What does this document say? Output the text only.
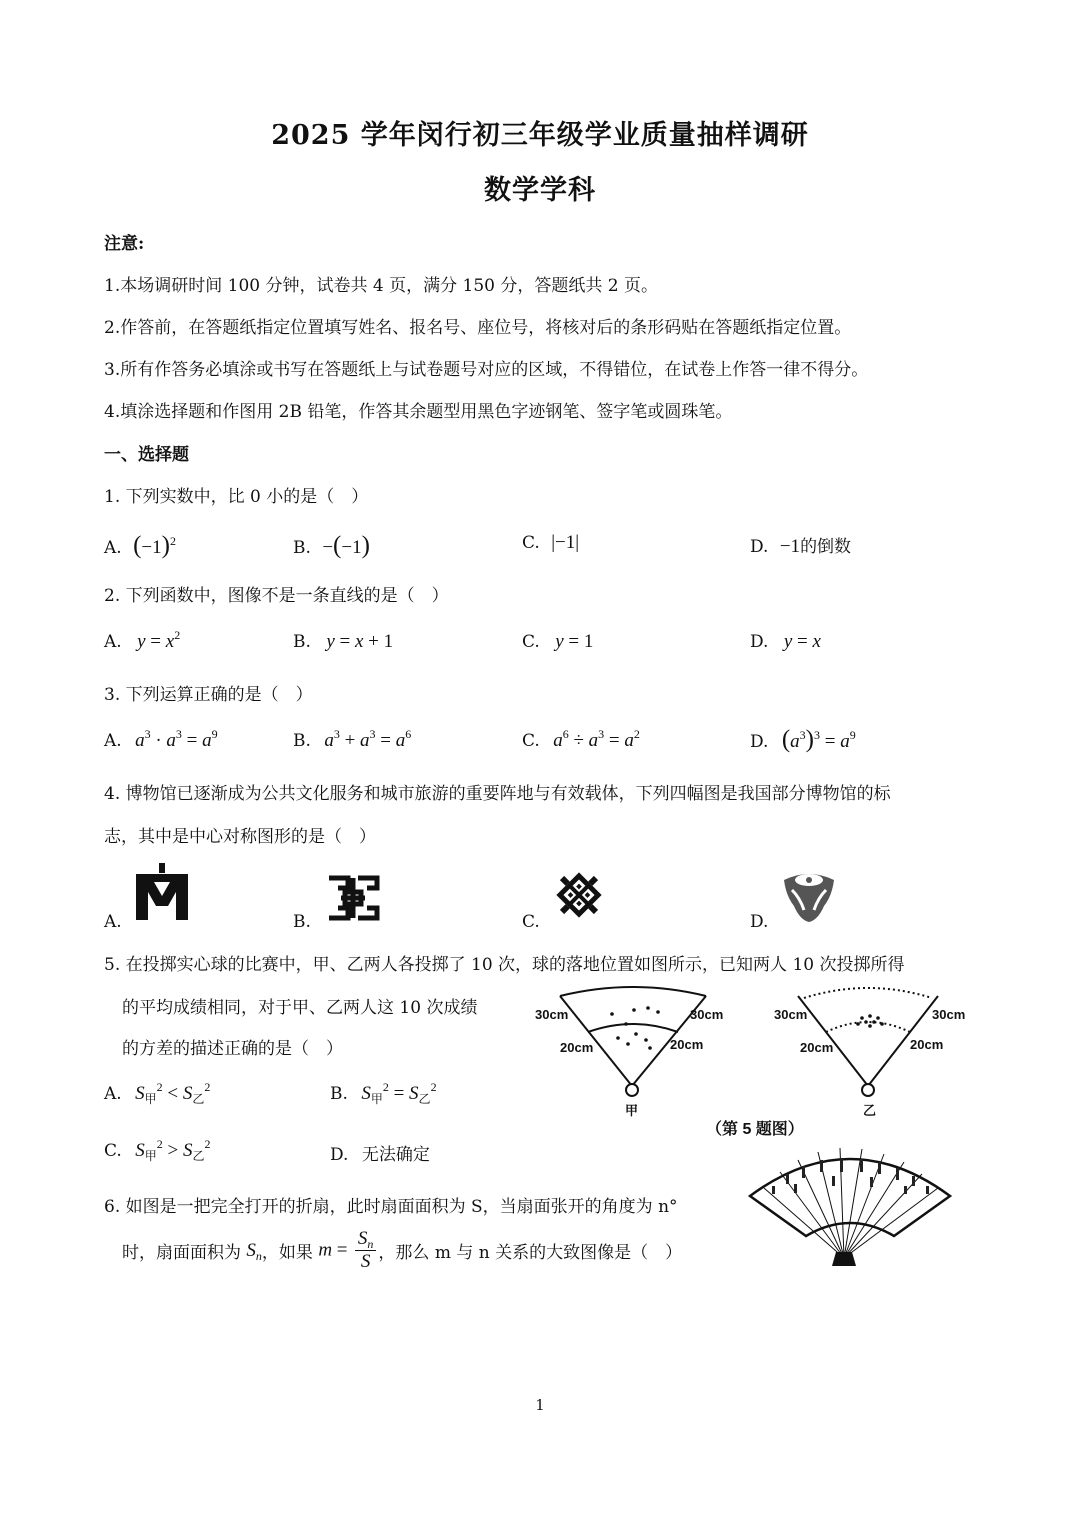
2025 学年闵行初三年级学业质量抽样调研
数学学科
注意:
1.本场调研时间 100 分钟，试卷共 4 页，满分 150 分，答题纸共 2 页。
2.作答前，在答题纸指定位置填写姓名、报名号、座位号，将核对后的条形码贴在答题纸指定位置。
3.所有作答务必填涂或书写在答题纸上与试卷题号对应的区域，不得错位，在试卷上作答一律不得分。
4.填涂选择题和作图用 2B 铅笔，作答其余题型用黑色字迹钢笔、签字笔或圆珠笔。
一、选择题
1. 下列实数中，比 0 小的是（　）
A. $(-1)^2$	B. −(−1)	C. |−1|	D. −1的倒数
2. 下列函数中，图像不是一条直线的是（　）
A. $y = x^2$	B. y = x + 1	C. y = 1	D. y = x
3. 下列运算正确的是（　）
A. $a^3 \cdot a^3 = a^9$	B. $a^3 + a^3 = a^6$	C. $a^6 \div a^3 = a^2$	D. $(a^3)^3 = a^9$
4. 博物馆已逐渐成为公共文化服务和城市旅游的重要阵地与有效载体，下列四幅图是我国部分博物馆的标
志，其中是中心对称图形的是（　）
A.	B.	C.	D.
5. 在投掷实心球的比赛中，甲、乙两人各投掷了 10 次，球的落地位置如图所示，已知两人 10 次投掷所得
的平均成绩相同，对于甲、乙两人这 10 次成绩
的方差的描述正确的是（　）
A. $S_甲^2 < S_乙^2$	B. $S_甲^2 = S_乙^2$
C. $S_甲^2 > S_乙^2$
D. 无法确定
30cm	30cm
20cm	20cm
甲
30cm	30cm
20cm	20cm
乙
（第 5 题图）
6. 如图是一把完全打开的折扇，此时扇面面积为 S，当扇面张开的角度为 n°
时，扇面面积为 $S_n$，如果 $m = \frac{S_n}{S}$ ，那么 m 与 n 关系的大致图像是（　）
1
